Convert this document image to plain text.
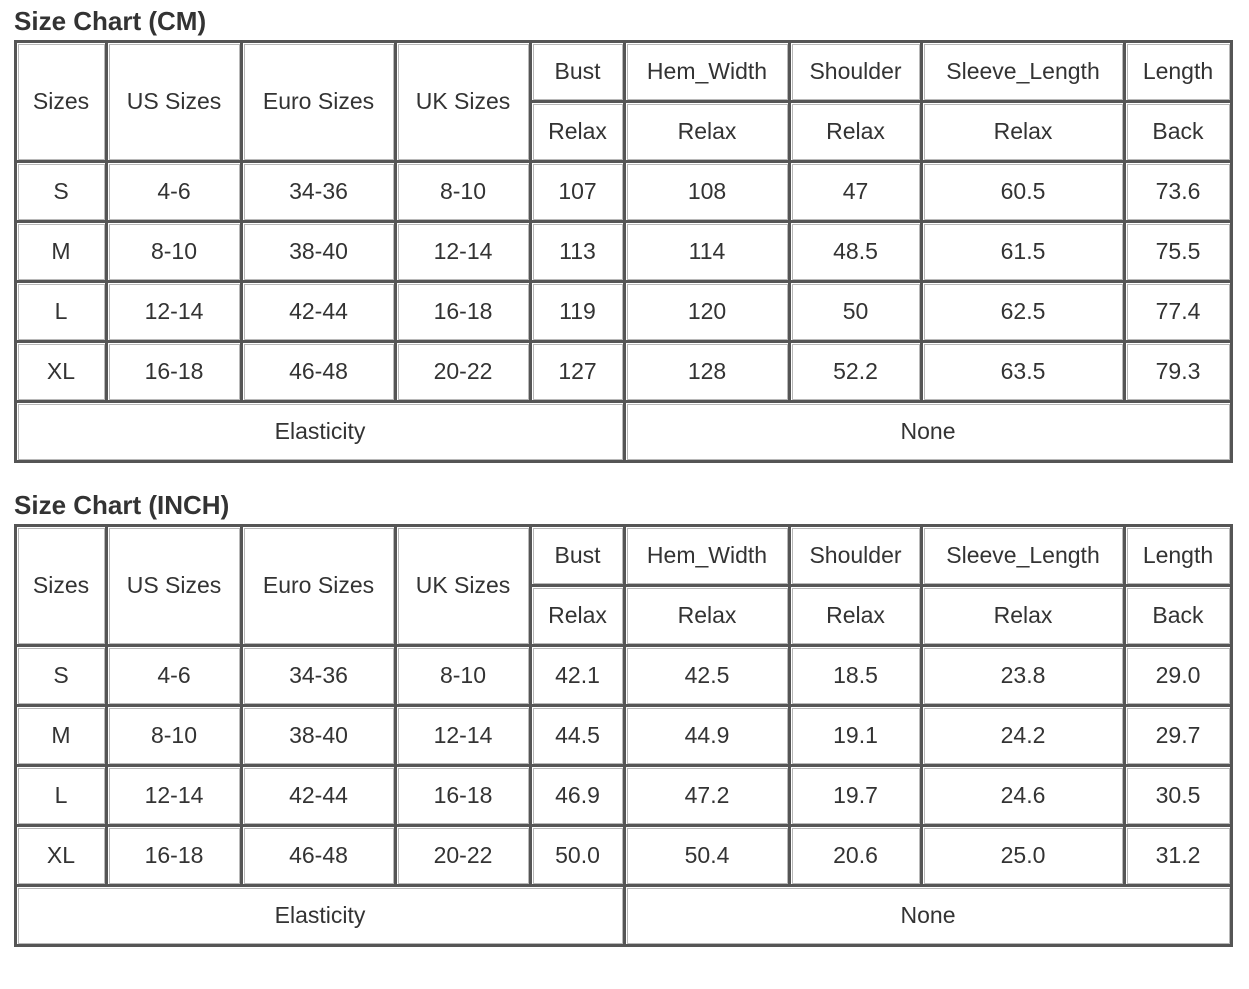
Size Chart (CM)
Sizes	US Sizes	Euro Sizes	UK Sizes	Bust	Hem_Width	Shoulder	Sleeve_Length	Length
				Relax	Relax	Relax	Relax	Back
S	4-6	34-36	8-10	107	108	47	60.5	73.6
M	8-10	38-40	12-14	113	114	48.5	61.5	75.5
L	12-14	42-44	16-18	119	120	50	62.5	77.4
XL	16-18	46-48	20-22	127	128	52.2	63.5	79.3
Elasticity					None			
Size Chart (INCH)
Sizes	US Sizes	Euro Sizes	UK Sizes	Bust	Hem_Width	Shoulder	Sleeve_Length	Length
				Relax	Relax	Relax	Relax	Back
S	4-6	34-36	8-10	42.1	42.5	18.5	23.8	29.0
M	8-10	38-40	12-14	44.5	44.9	19.1	24.2	29.7
L	12-14	42-44	16-18	46.9	47.2	19.7	24.6	30.5
XL	16-18	46-48	20-22	50.0	50.4	20.6	25.0	31.2
Elasticity					None			
